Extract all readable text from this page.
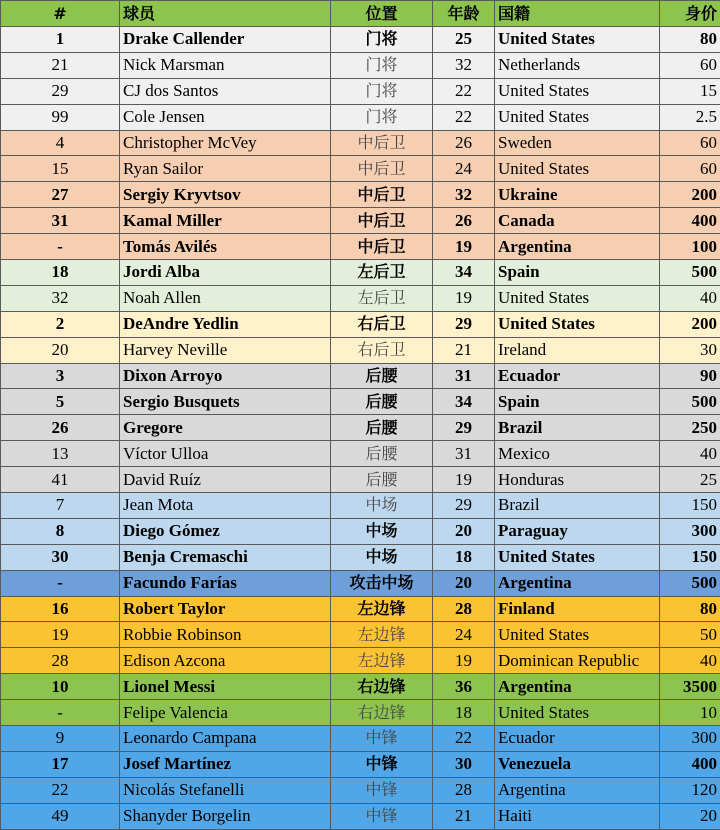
#	球员	位置	年龄	国籍	身价
1	Drake Callender	门将	25	United States	80
21	Nick Marsman	门将	32	Netherlands	60
29	CJ dos Santos	门将	22	United States	15
99	Cole Jensen	门将	22	United States	2.5
4	Christopher McVey	中后卫	26	Sweden	60
15	Ryan Sailor	中后卫	24	United States	60
27	Sergiy Kryvtsov	中后卫	32	Ukraine	200
31	Kamal Miller	中后卫	26	Canada	400
-	Tomás Avilés	中后卫	19	Argentina	100
18	Jordi Alba	左后卫	34	Spain	500
32	Noah Allen	左后卫	19	United States	40
2	DeAndre Yedlin	右后卫	29	United States	200
20	Harvey Neville	右后卫	21	Ireland	30
3	Dixon Arroyo	后腰	31	Ecuador	90
5	Sergio Busquets	后腰	34	Spain	500
26	Gregore	后腰	29	Brazil	250
13	Víctor Ulloa	后腰	31	Mexico	40
41	David Ruíz	后腰	19	Honduras	25
7	Jean Mota	中场	29	Brazil	150
8	Diego Gómez	中场	20	Paraguay	300
30	Benja Cremaschi	中场	18	United States	150
-	Facundo Farías	攻击中场	20	Argentina	500
16	Robert Taylor	左边锋	28	Finland	80
19	Robbie Robinson	左边锋	24	United States	50
28	Edison Azcona	左边锋	19	Dominican Republic	40
10	Lionel Messi	右边锋	36	Argentina	3500
-	Felipe Valencia	右边锋	18	United States	10
9	Leonardo Campana	中锋	22	Ecuador	300
17	Josef Martínez	中锋	30	Venezuela	400
22	Nicolás Stefanelli	中锋	28	Argentina	120
49	Shanyder Borgelin	中锋	21	Haiti	20
